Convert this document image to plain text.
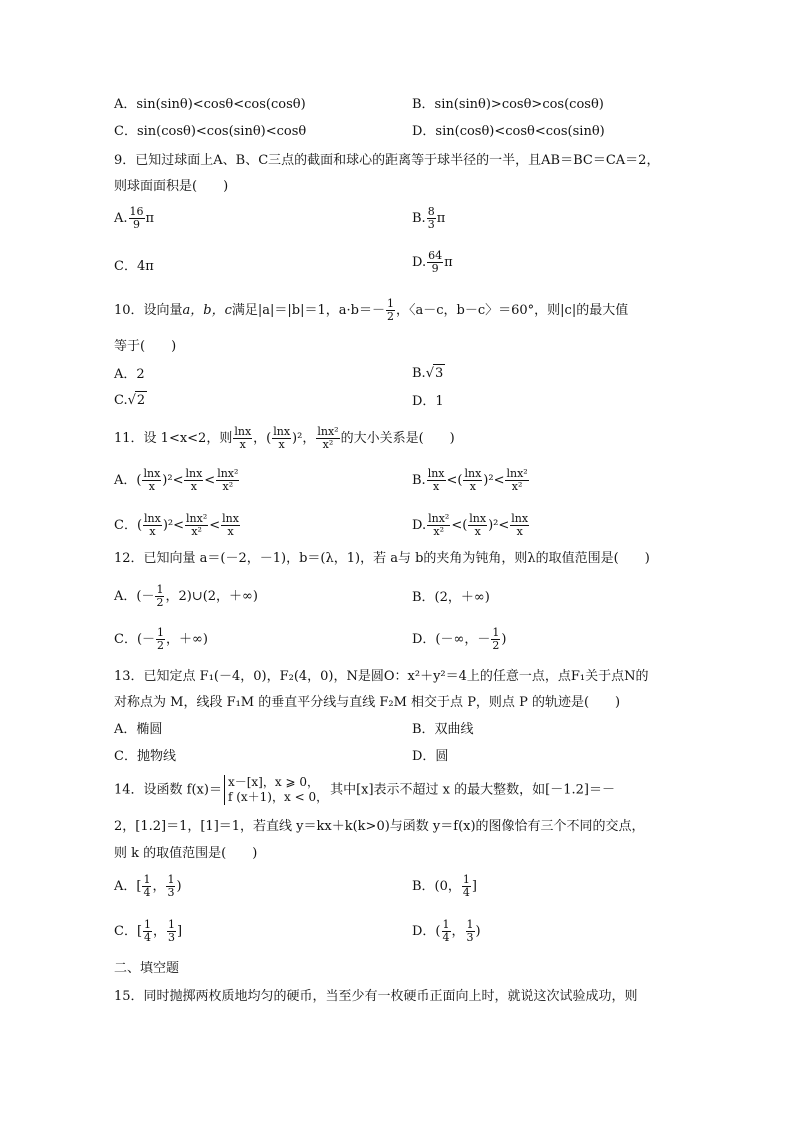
A．sin(sinθ)<cosθ<cos(cosθ)	B．sin(sinθ)>cosθ>cos(cosθ)
C．sin(cosθ)<cos(sinθ)<cosθ	D．sin(cosθ)<cosθ<cos(sinθ)
9．已知过球面上A、B、C三点的截面和球心的距离等于球半径的一半，且AB＝BC＝CA＝2，
则球面面积是(　　)
A. $\frac{16}{9}$ π	B. $\frac{8}{3}$ π
C．4π	D. $\frac{64}{9}$ π
10．设向量a，b，c满足|a|＝|b|＝1，$a\cdot b=- \frac{1}{2}$ ，〈a－c，b－c〉＝60°，则|c|的最大值
等于(　　)
A．2	B.√3
C.√2	D．1
11．设 1<x<2，则 $\frac{\ln x}{x}$ ，( $\frac{\ln x}{x} )^2$， $\frac{\text{lnx²}}{\text{x²}}$ 的大小关系是(　　)
A．( $\frac{\ln x}{x} )^2< \frac{\ln x}{x} < \frac{\text{lnx²}}{\text{x²}}$	B. $\frac{\ln x}{x}$ <( $\frac{\ln x}{x} )^2< \frac{\text{lnx²}}{\text{x²}}$
C．( $\frac{\ln x}{x} )^2< \frac{\text{lnx²}}{\text{x²}} < \frac{\ln x}{x}$	D. $\frac{\text{lnx²}}{\text{x²}}$ <( $\frac{\ln x}{x} )^2< \frac{\ln x}{x}$
12．已知向量 a＝(－2，－1)，b＝(λ，1)，若 a与 b的夹角为钝角，则λ的取值范围是(　　)
A．(－ $\frac{1}{2}$ ，2)∪(2，＋∞)	B．(2，＋∞)
C．(－ $\frac{1}{2}$ ，＋∞)	D．(－∞，－ $\frac{1}{2}$ )
13．已知定点 F₁(－4，0)，F₂(4，0)，N是圆O：x²＋y²＝4上的任意一点，点F₁关于点N的
对称点为 M，线段 F₁M 的垂直平分线与直线 F₂M 相交于点 P，则点 P 的轨迹是(　　)
A．椭圆	B．双曲线
C．抛物线	D．圆
14．设函数 f(x)＝
x－[x]，x ⩾ 0，
f (x＋1)，x < 0， 其中[x]表示不超过 x 的最大整数，如[－1.2]＝－
2，[1.2]＝1，[1]＝1，若直线 y＝kx＋k(k>0)与函数 y＝f(x)的图像恰有三个不同的交点，
则 k 的取值范围是(　　)
A．[ $\frac{1}{4}$ ， $\frac{1}{3}$ )	B．(0， $\frac{1}{4}$ ]
C．[ $\frac{1}{4}$ ， $\frac{1}{3}$ ]	D．( $\frac{1}{4}$ ， $\frac{1}{3}$ )
二、填空题
15．同时抛掷两枚质地均匀的硬币，当至少有一枚硬币正面向上时，就说这次试验成功，则
